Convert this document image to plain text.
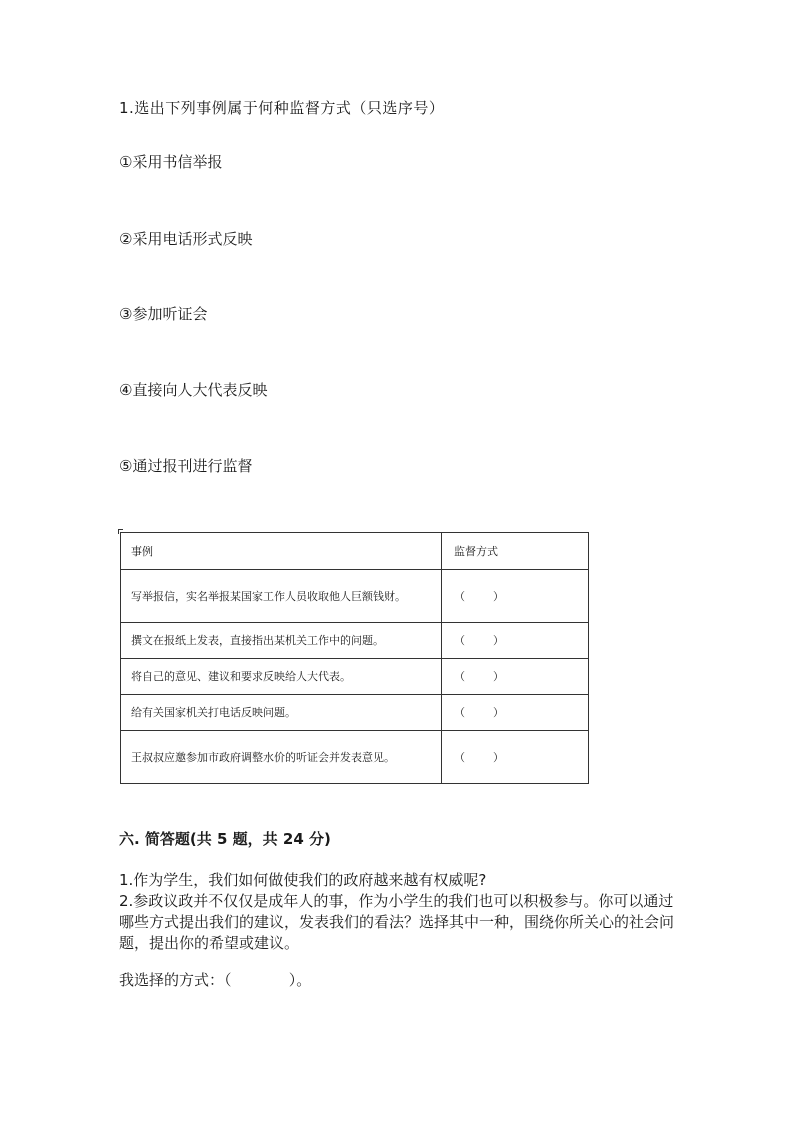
1.选出下列事例属于何种监督方式（只选序号）
①采用书信举报
②采用电话形式反映
③参加听证会
④直接向人大代表反映
⑤通过报刊进行监督
事例	监督方式
写举报信，实名举报某国家工作人员收取他人巨额钱财。	（        ）
撰文在报纸上发表，直接指出某机关工作中的问题。	（        ）
将自己的意见、建议和要求反映给人大代表。	（        ）
给有关国家机关打电话反映问题。	（        ）
王叔叔应邀参加市政府调整水价的听证会并发表意见。	（        ）
六. 简答题(共 5 题，共 24 分)

1.作为学生，我们如何做使我们的政府越来越有权威呢?

2.参政议政并不仅仅是成年人的事，作为小学生的我们也可以积极参与。你可以通过哪些方式提出我们的建议，发表我们的看法？选择其中一种，围绕你所关心的社会问题，提出你的希望或建议。

我选择的方式：（            ）。
